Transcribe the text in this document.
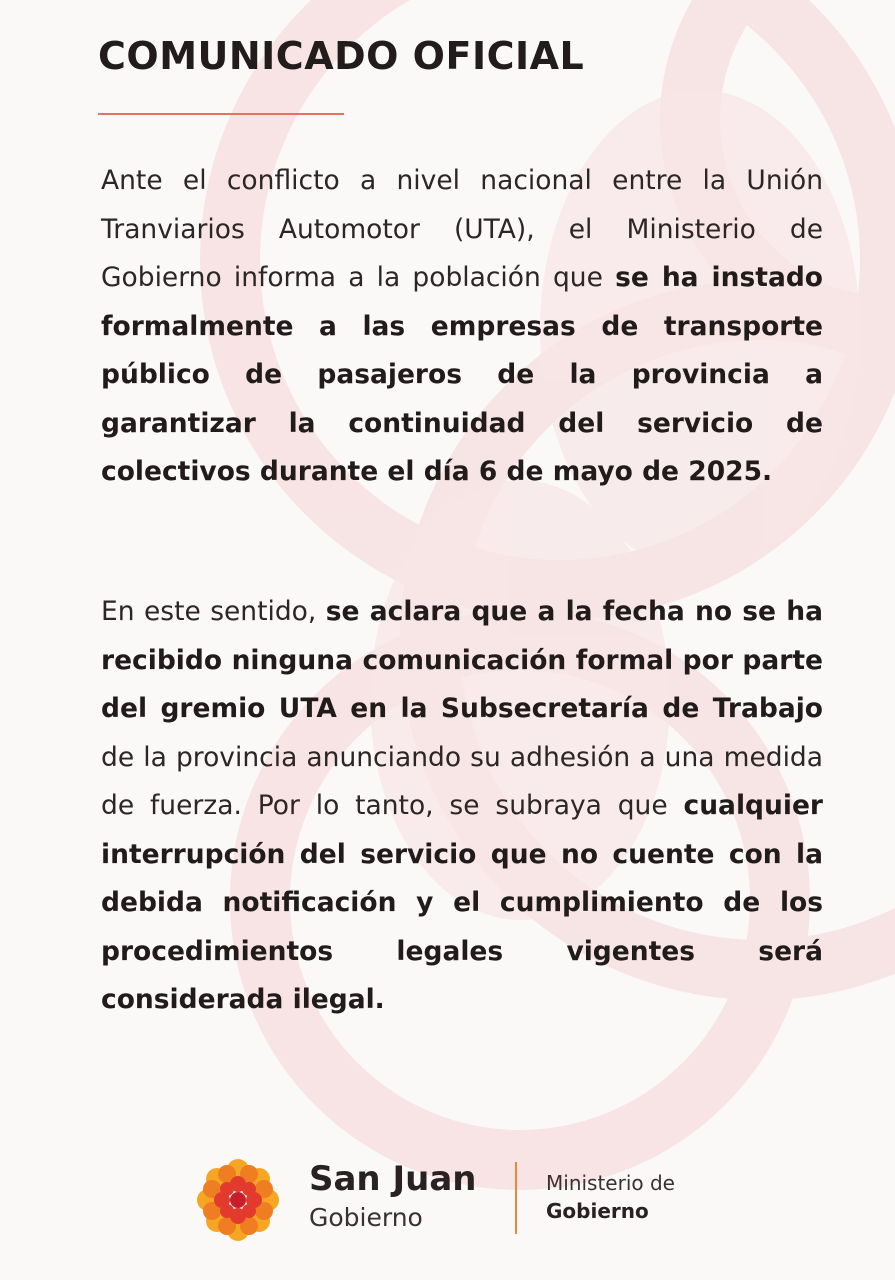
COMUNICADO OFICIAL

Ante el conflicto a nivel nacional entre la Unión Tranviarios Automotor (UTA), el Ministerio de Gobierno informa a la población que se ha instado formalmente a las empresas de transporte público de pasajeros de la provincia a garantizar la continuidad del servicio de colectivos durante el día 6 de mayo de 2025.

En este sentido, se aclara que a la fecha no se ha recibido ninguna comunicación formal por parte del gremio UTA en la Subsecretaría de Trabajo de la provincia anunciando su adhesión a una medida de fuerza. Por lo tanto, se subraya que cualquier interrupción del servicio que no cuente con la debida notificación y el cumplimiento de los procedimientos legales vigentes será considerada ilegal.

San Juan

Gobierno

Ministerio de

Gobierno
